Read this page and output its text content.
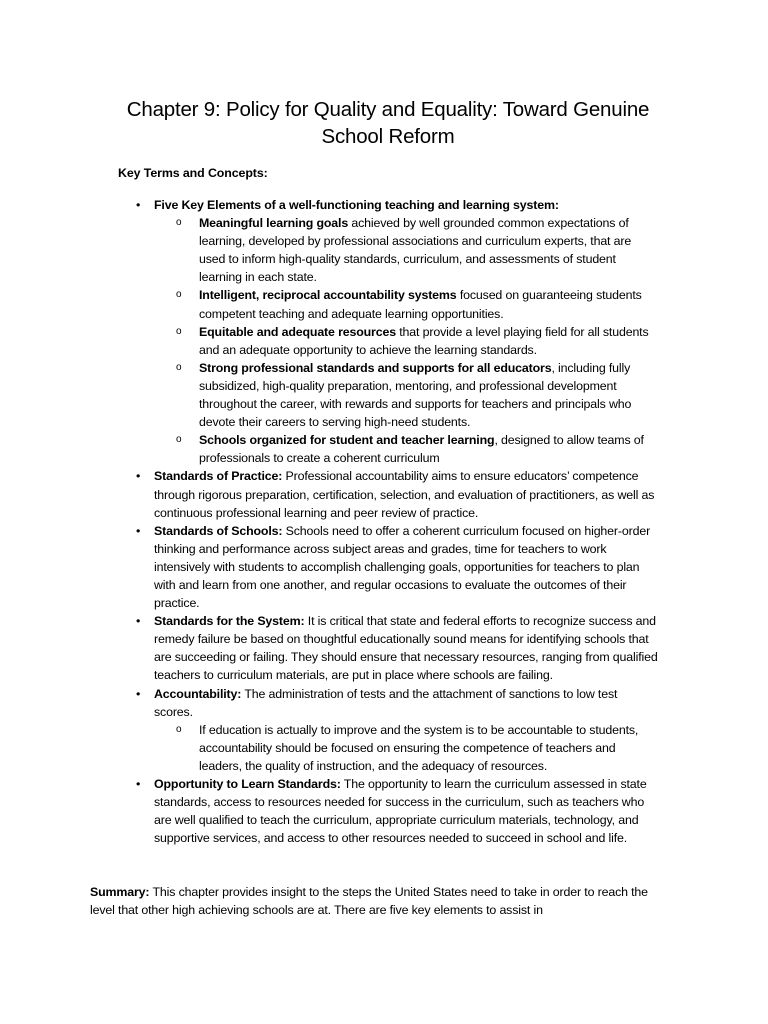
Chapter 9: Policy for Quality and Equality: Toward Genuine School Reform
Key Terms and Concepts:
• Five Key Elements of a well-functioning teaching and learning system:
o Meaningful learning goals achieved by well grounded common expectations of learning, developed by professional associations and curriculum experts, that are used to inform high-quality standards, curriculum, and assessments of student learning in each state.
o Intelligent, reciprocal accountability systems focused on guaranteeing students competent teaching and adequate learning opportunities.
o Equitable and adequate resources that provide a level playing field for all students and an adequate opportunity to achieve the learning standards.
o Strong professional standards and supports for all educators, including fully subsidized, high-quality preparation, mentoring, and professional development throughout the career, with rewards and supports for teachers and principals who devote their careers to serving high-need students.
o Schools organized for student and teacher learning, designed to allow teams of professionals to create a coherent curriculum
• Standards of Practice: Professional accountability aims to ensure educators’ competence through rigorous preparation, certification, selection, and evaluation of practitioners, as well as continuous professional learning and peer review of practice.
• Standards of Schools: Schools need to offer a coherent curriculum focused on higher-order thinking and performance across subject areas and grades, time for teachers to work intensively with students to accomplish challenging goals, opportunities for teachers to plan with and learn from one another, and regular occasions to evaluate the outcomes of their practice.
• Standards for the System: It is critical that state and federal efforts to recognize success and remedy failure be based on thoughtful educationally sound means for identifying schools that are succeeding or failing. They should ensure that necessary resources, ranging from qualified teachers to curriculum materials, are put in place where schools are failing.
• Accountability: The administration of tests and the attachment of sanctions to low test scores.
o If education is actually to improve and the system is to be accountable to students, accountability should be focused on ensuring the competence of teachers and leaders, the quality of instruction, and the adequacy of resources.
• Opportunity to Learn Standards: The opportunity to learn the curriculum assessed in state standards, access to resources needed for success in the curriculum, such as teachers who are well qualified to teach the curriculum, appropriate curriculum materials, technology, and supportive services, and access to other resources needed to succeed in school and life.

Summary: This chapter provides insight to the steps the United States need to take in order to reach the level that other high achieving schools are at. There are five key elements to assist in
